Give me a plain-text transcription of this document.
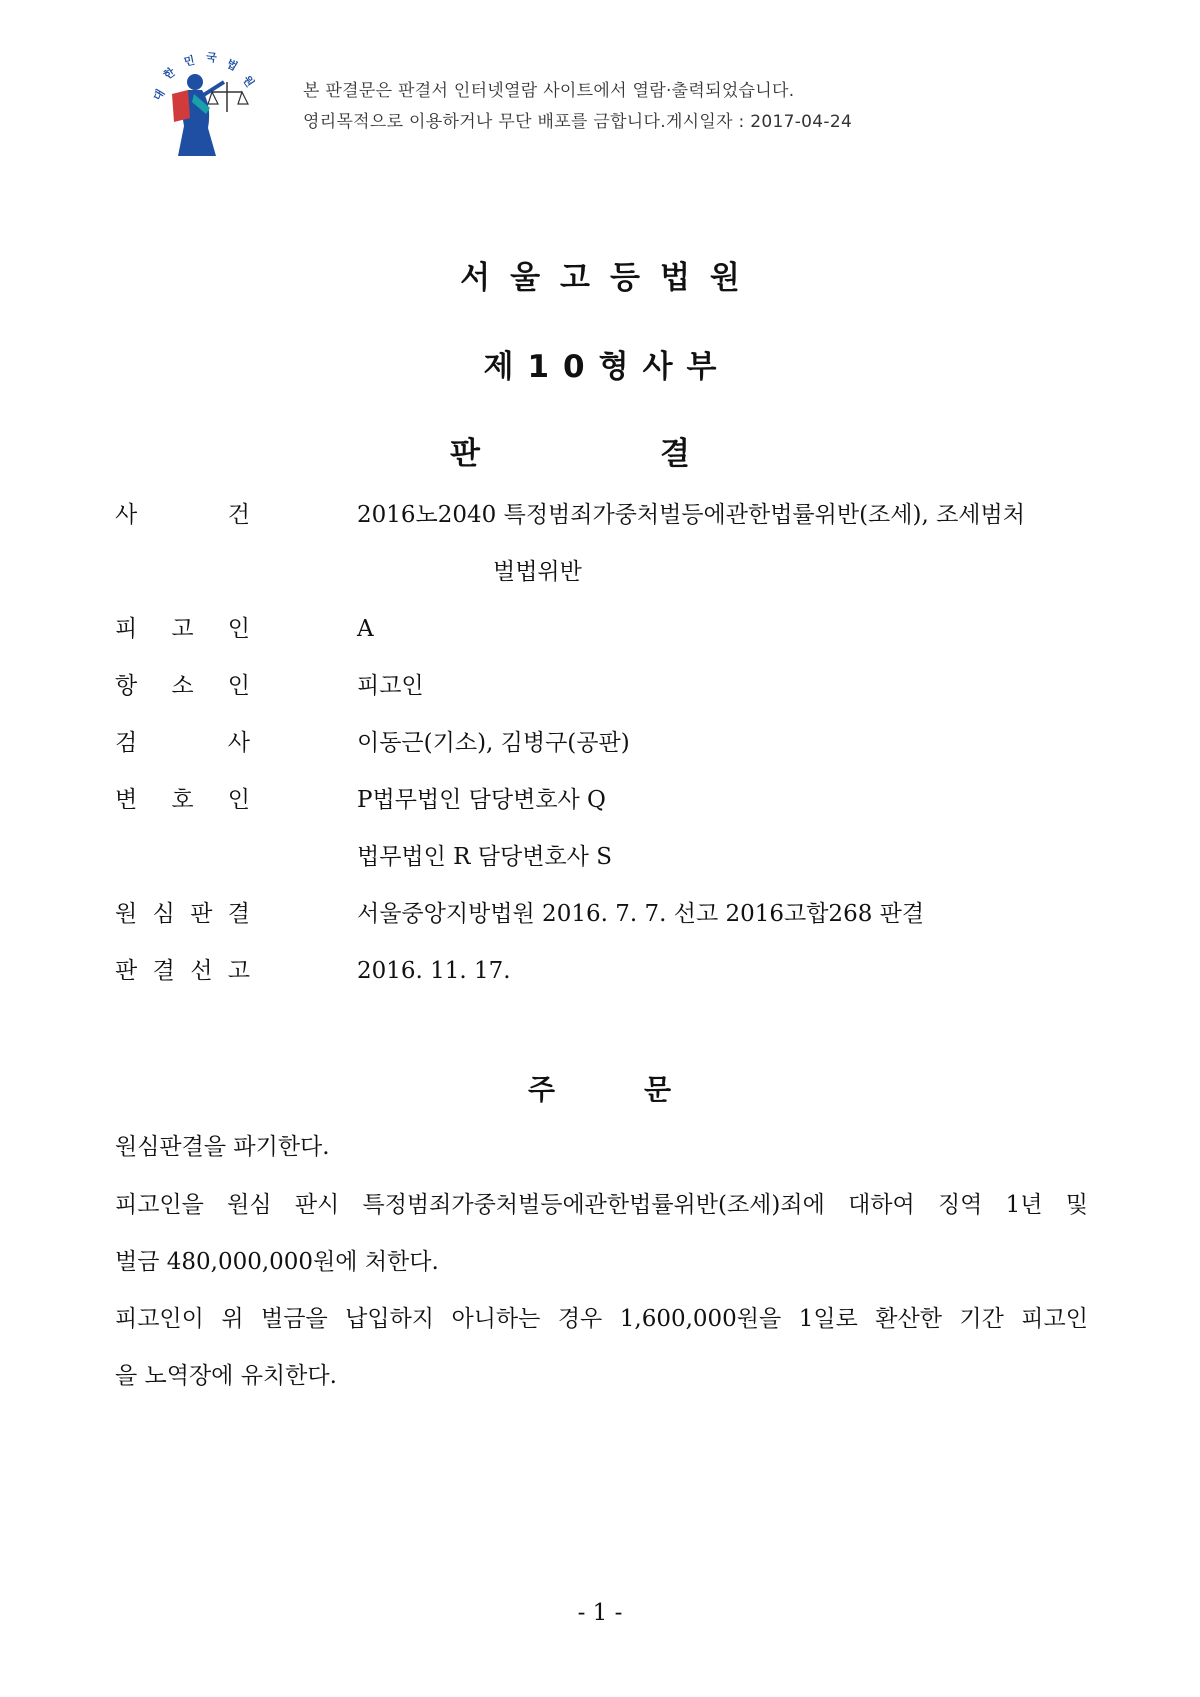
대
한
민 국 법
원	본 판결문은 판결서 인터넷열람 사이트에서 열람·출력되었습니다.
영리목적으로 이용하거나 무단 배포를 금합니다.게시일자 : 2017-04-24
서울고등법원
제10형사부
판	결
사	건	2016노2040 특정범죄가중처벌등에관한법률위반(조세), 조세범처
벌법위반
피 고 인	A
항 소 인	피고인
검	사	이동근(기소), 김병구(공판)
변 호 인	P법무법인 담당변호사 Q
법무법인 R 담당변호사 S
원 심 판 결	서울중앙지방법원 2016. 7. 7. 선고 2016고합268 판결
판 결 선 고	2016. 11. 17.
주	문
원심판결을 파기한다.
피고인을 원심 판시 특정범죄가중처벌등에관한법률위반(조세)죄에 대하여 징역 1년 및
벌금 480,000,000원에 처한다.
피고인이 위 벌금을 납입하지 아니하는 경우 1,600,000원을 1일로 환산한 기간 피고인
을 노역장에 유치한다.
- 1 -
